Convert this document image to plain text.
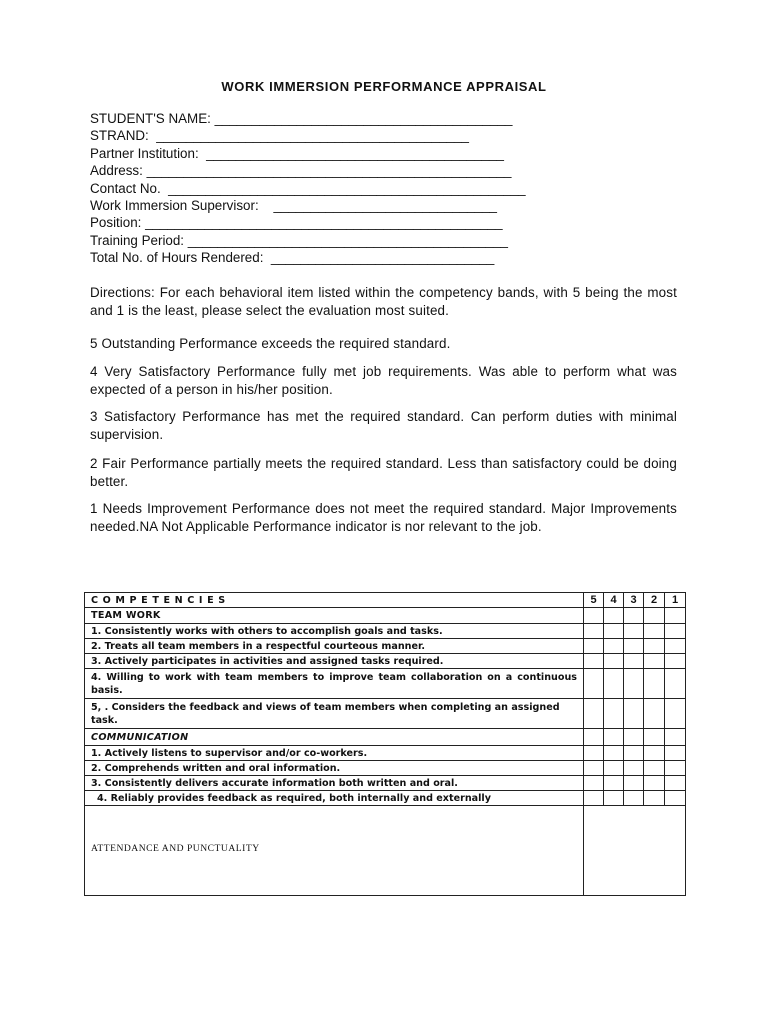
WORK IMMERSION PERFORMANCE APPRAISAL
STUDENT'S NAME: ________________________________________
STRAND:  __________________________________________
Partner Institution:  ________________________________________
Address: _________________________________________________
Contact No.  ________________________________________________
Work Immersion Supervisor:    ______________________________
Position: ________________________________________________
Training Period: ___________________________________________
Total No. of Hours Rendered:  ______________________________
Directions: For each behavioral item listed within the competency bands, with 5 being the most and 1 is the least, please select the evaluation most suited.
5 Outstanding Performance exceeds the required standard.
4 Very Satisfactory Performance fully met job requirements. Was able to perform what was expected of a person in his/her position.
3 Satisfactory Performance has met the required standard. Can perform duties with minimal supervision.
2 Fair Performance partially meets the required standard. Less than satisfactory could be doing better.
1 Needs Improvement Performance does not meet the required standard. Major Improvements needed.NA Not Applicable Performance indicator is nor relevant to the job.
COMPETENCIES	5	4	3	2	1
TEAM WORK					
1. Consistently works with others to accomplish goals and tasks.					
2. Treats all team members in a respectful courteous manner.					
3. Actively participates in activities and assigned tasks required.					
4. Willing to work with team members to improve team collaboration on a continuous basis.					
5, . Considers the feedback and views of team members when completing an assigned task.					
COMMUNICATION					
1. Actively listens to supervisor and/or co-workers.					
2. Comprehends written and oral information.					
3. Consistently delivers accurate information both written and oral.					
4. Reliably provides feedback as required, both internally and externally					
ATTENDANCE AND PUNCTUALITY					
